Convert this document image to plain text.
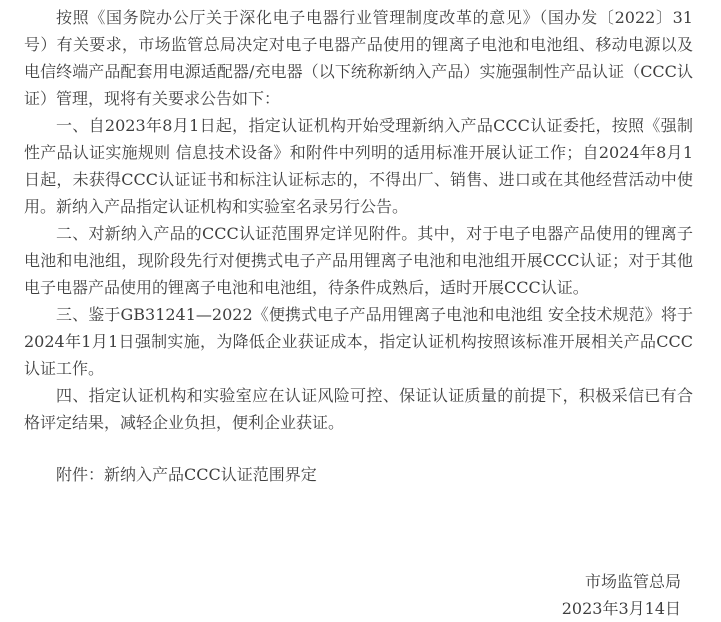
按照《国务院办公厅关于深化电子电器行业管理制度改革的意见》（国办发〔2022〕31号）有关要求，市场监管总局决定对电子电器产品使用的锂离子电池和电池组、移动电源以及电信终端产品配套用电源适配器/充电器（以下统称新纳入产品）实施强制性产品认证（CCC认证）管理，现将有关要求公告如下：

一、自2023年8月1日起，指定认证机构开始受理新纳入产品CCC认证委托，按照《强制性产品认证实施规则 信息技术设备》和附件中列明的适用标准开展认证工作；自2024年8月1日起，未获得CCC认证证书和标注认证标志的，不得出厂、销售、进口或在其他经营活动中使用。新纳入产品指定认证机构和实验室名录另行公告。

二、对新纳入产品的CCC认证范围界定详见附件。其中，对于电子电器产品使用的锂离子电池和电池组，现阶段先行对便携式电子产品用锂离子电池和电池组开展CCC认证；对于其他电子电器产品使用的锂离子电池和电池组，待条件成熟后，适时开展CCC认证。

三、鉴于GB31241—2022《便携式电子产品用锂离子电池和电池组 安全技术规范》将于2024年1月1日强制实施，为降低企业获证成本，指定认证机构按照该标准开展相关产品CCC认证工作。

四、指定认证机构和实验室应在认证风险可控、保证认证质量的前提下，积极采信已有合格评定结果，减轻企业负担，便利企业获证。

附件：新纳入产品CCC认证范围界定

市场监管总局
2023年3月14日
